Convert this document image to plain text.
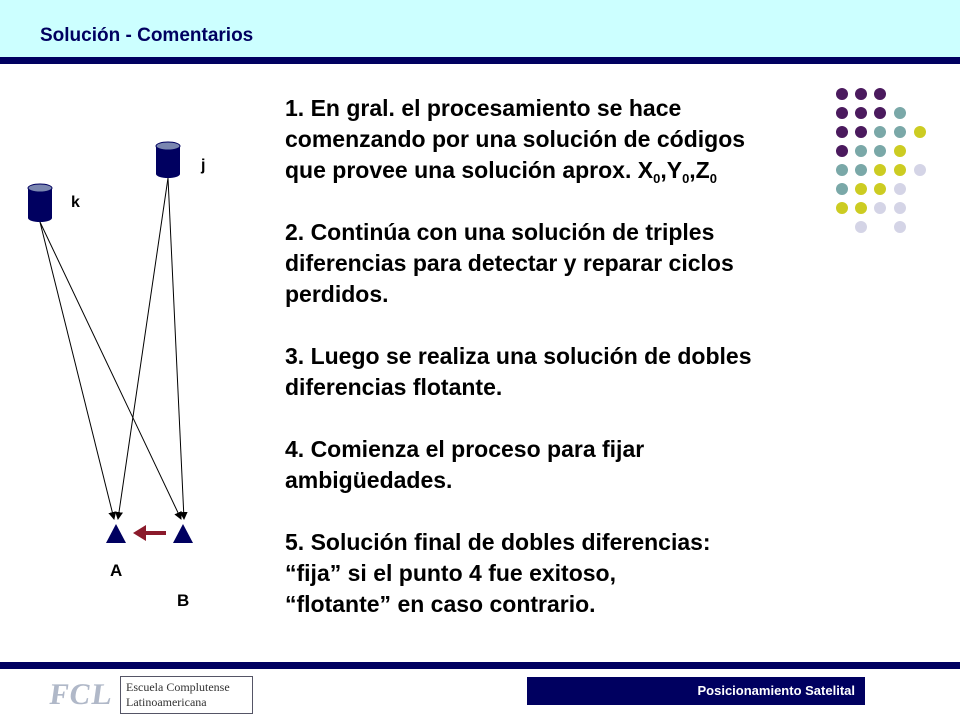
Solución - Comentarios
k
j
A
B

1. En gral. el procesamiento se hace
comenzando por una solución de códigos
que provee una solución aprox. $X_0,Y_0,Z_0$

2. Continúa con una solución de triples
diferencias para detectar y reparar ciclos
perdidos.

3. Luego se realiza una solución de dobles
diferencias flotante.

4. Comienza el proceso para fijar
ambigüedades.

5. Solución final de dobles diferencias:
“fija” si el punto 4 fue exitoso,
“flotante” en caso contrario.

FCL Escuela Complutense
Latinoamericana
Posicionamiento Satelital
